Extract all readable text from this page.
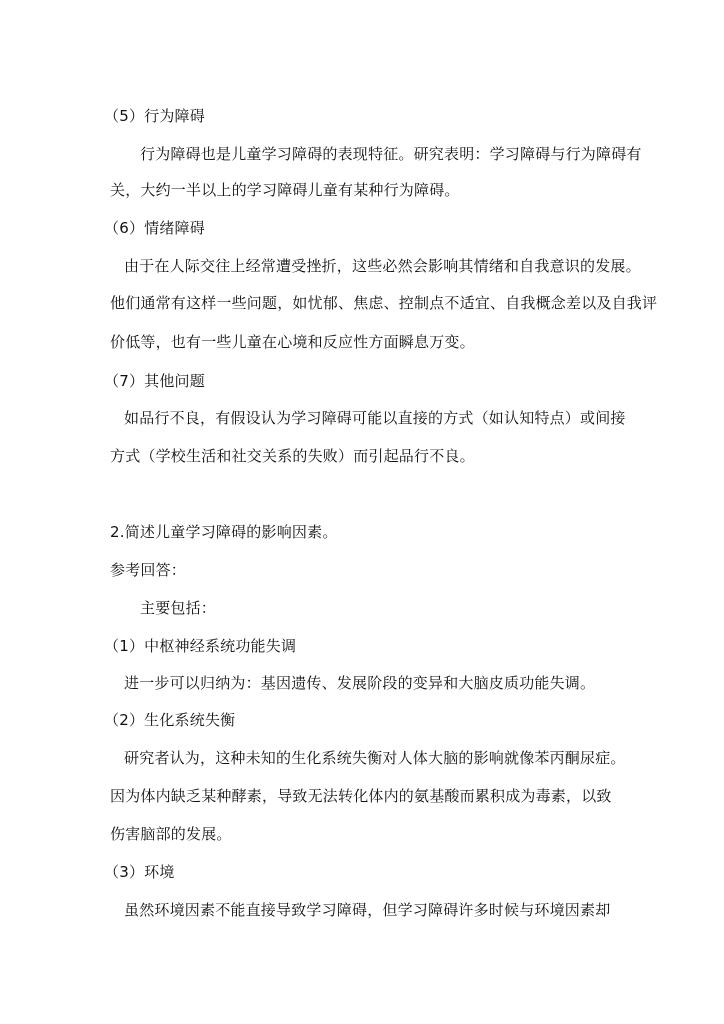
（5）行为障碍
行为障碍也是儿童学习障碍的表现特征。研究表明：学习障碍与行为障碍有
关，大约一半以上的学习障碍儿童有某种行为障碍。
（6）情绪障碍
由于在人际交往上经常遭受挫折，这些必然会影响其情绪和自我意识的发展。
他们通常有这样一些问题，如忧郁、焦虑、控制点不适宜、自我概念差以及自我评
价低等，也有一些儿童在心境和反应性方面瞬息万变。
（7）其他问题
如品行不良，有假设认为学习障碍可能以直接的方式（如认知特点）或间接
方式（学校生活和社交关系的失败）而引起品行不良。
2.简述儿童学习障碍的影响因素。
参考回答：
主要包括：
（1）中枢神经系统功能失调
进一步可以归纳为：基因遗传、发展阶段的变异和大脑皮质功能失调。
（2）生化系统失衡
研究者认为，这种未知的生化系统失衡对人体大脑的影响就像苯丙酮尿症。
因为体内缺乏某种酵素，导致无法转化体内的氨基酸而累积成为毒素，以致
伤害脑部的发展。
（3）环境
虽然环境因素不能直接导致学习障碍，但学习障碍许多时候与环境因素却
